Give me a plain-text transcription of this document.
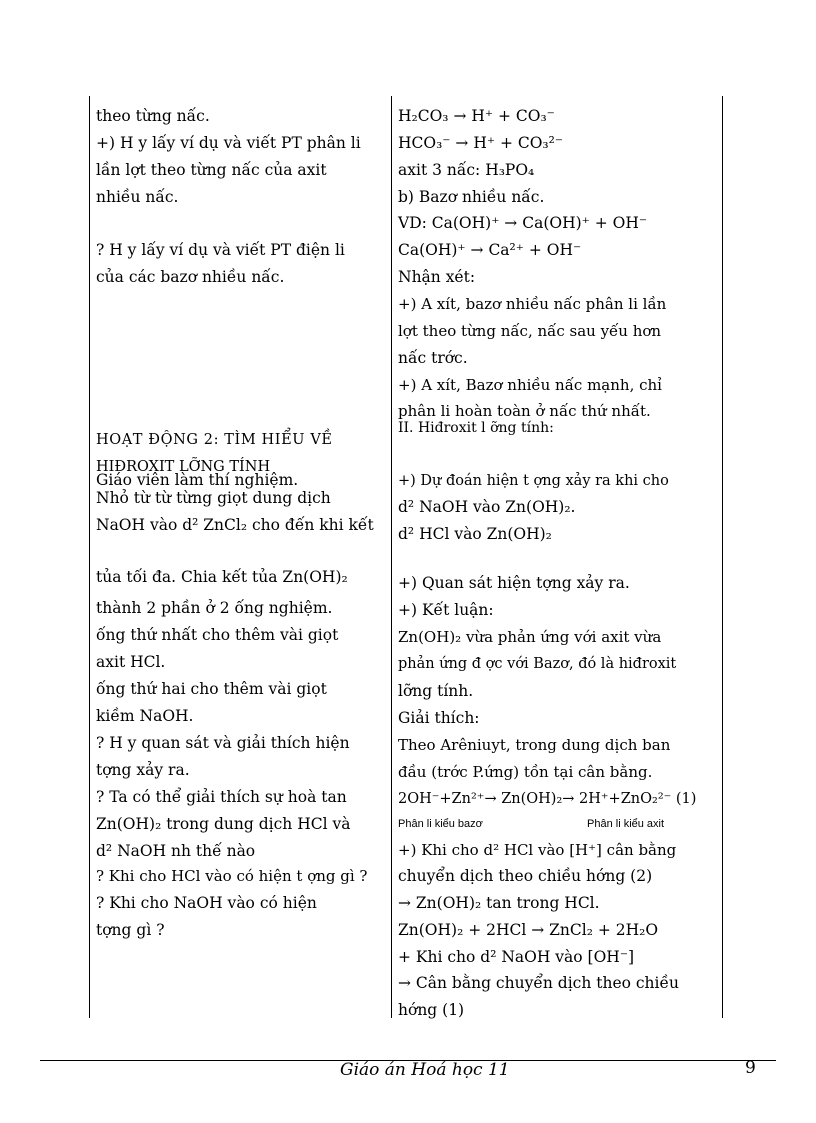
theo từng nấc.
+) H y lấy ví dụ và viết PT phân li
lần lợt theo từng nấc của axit
nhiều nấc.
? H y lấy ví dụ và viết PT điện li
của các bazơ nhiều nấc.
HOẠT ĐỘNG 2: TÌM HIỂU VỀ
HIĐROXIT LỠNG TÍNH
Giáo viên làm thí nghiệm.
Nhỏ từ từ từng giọt dung dịch
NaOH vào d² ZnCl₂ cho đến khi kết
tủa tối đa. Chia kết tủa Zn(OH)₂
thành 2 phần ở 2 ống nghiệm.
ống thứ nhất cho thêm vài giọt
axit HCl.
ống thứ hai cho thêm vài giọt
kiềm NaOH.
? H y quan sát và giải thích hiện
tợng xảy ra.
? Ta có thể giải thích sự hoà tan
Zn(OH)₂ trong dung dịch HCl và
d² NaOH nh thế nào
? Khi cho HCl vào có hiện t ợng gì ?
? Khi cho NaOH vào có hiện
tợng gì ?
H₂CO₃ → H⁺ + CO₃⁻
HCO₃⁻ → H⁺ + CO₃²⁻
axit 3 nấc: H₃PO₄
b) Bazơ nhiều nấc.
VD: Ca(OH)⁺ → Ca(OH)⁺ + OH⁻
Ca(OH)⁺ → Ca²⁺ + OH⁻
Nhận xét:
+) A xít, bazơ nhiều nấc phân li lần
lợt theo từng nấc, nấc sau yếu hơn
nấc trớc.
+) A xít, Bazơ nhiều nấc mạnh, chỉ
phân li hoàn toàn ở nấc thứ nhất.
II. Hiđroxit l ỡng tính:
+) Dự đoán hiện t ợng xảy ra khi cho
d² NaOH vào Zn(OH)₂.
d² HCl vào Zn(OH)₂
+) Quan sát hiện tợng xảy ra.
+) Kết luận:
Zn(OH)₂ vừa phản ứng với axit vừa
phản ứng đ ợc với Bazơ, đó là hiđroxit
lỡng tính.
Giải thích:
Theo Arêniuyt, trong dung dịch ban
đầu (trớc P.ứng) tồn tại cân bằng.
2OH⁻+Zn²⁺→ Zn(OH)₂→ 2H⁺+ZnO₂²⁻ (1)
Phân li kiểu bazơ	Phân li kiểu axit
+) Khi cho d² HCl vào [H⁺] cân bằng
chuyển dịch theo chiều hớng (2)
→ Zn(OH)₂ tan trong HCl.
Zn(OH)₂ + 2HCl → ZnCl₂ + 2H₂O
+ Khi cho d² NaOH vào [OH⁻]
→ Cân bằng chuyển dịch theo chiều
hớng (1)
Giáo án Hoá học 11	9
